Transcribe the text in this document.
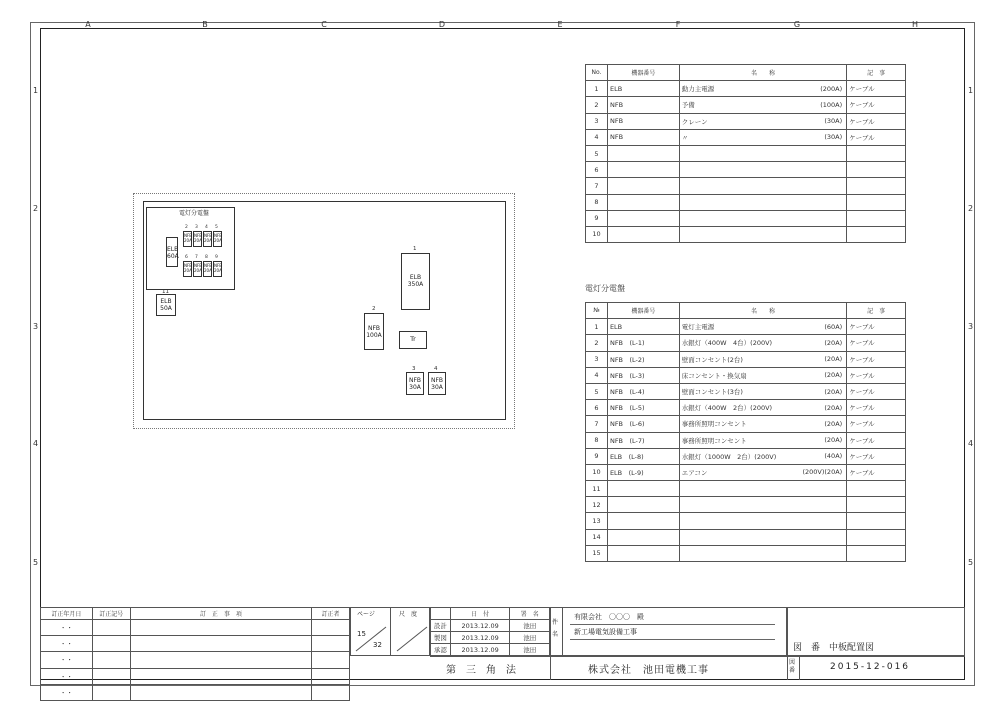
A	B	C	D	E	F	G	H
1	1
2	2
3	3
4	4
5	5
電灯分電盤
ELB
60A
2
NFB
20A
3
NFB
20A
4
NFB
20A
5
NFB
20A
6
NFB
20A
7
NFB
20A
8
NFB
20A
9
NFB
20A
11
ELB
50A
1
ELB
350A
2
NFB
100A	Tr
3
NFB
30A
4
NFB
30A
No.	機器番号	名　　称		記　事
1	ELB	動力主電源	(200A)	ケーブル
2	NFB	予備	(100A)	ケーブル
3	NFB	クレーン	(30A)	ケーブル
4	NFB	〃	(30A)	ケーブル
5				
6				
7				
8				
9				
10				
電灯分電盤
№	機器番号	名　　称		記　事
1	ELB	電灯主電源	(60A)	ケーブル
2	NFB　(L-1)	水銀灯（400W　4台）(200V)	(20A)	ケーブル
3	NFB　(L-2)	壁面コンセント(2台)	(20A)	ケーブル
4	NFB　(L-3)	床コンセント・換気扇	(20A)	ケーブル
5	NFB　(L-4)	壁面コンセント(3台)	(20A)	ケーブル
6	NFB　(L-5)	水銀灯（400W　2台）(200V)	(20A)	ケーブル
7	NFB　(L-6)	事務所照明コンセント	(20A)	ケーブル
8	NFB　(L-7)	事務所照明コンセント	(20A)	ケーブル
9	ELB　(L-8)	水銀灯（1000W　2台）(200V)	(40A)	ケーブル
10	ELB　(L-9)	エアコン	(200V)(20A)	ケーブル
11				
12				
13				
14				
15				
訂正年月日	訂正記号	訂　正　事　項	訂正者
・・			
・・			
・・			
・・			
・・			
ページ	尺　度
15
32
	日　付	署　名
設計	2013.12.09	池田
製図	2013.12.09	池田
承認	2013.12.09	池田
件名
有限会社　〇〇〇　殿
新工場電気設備工事
図　番　中板配置図
第　三　角　法	株式会社　池田電機工事
図番	2015-12-016
